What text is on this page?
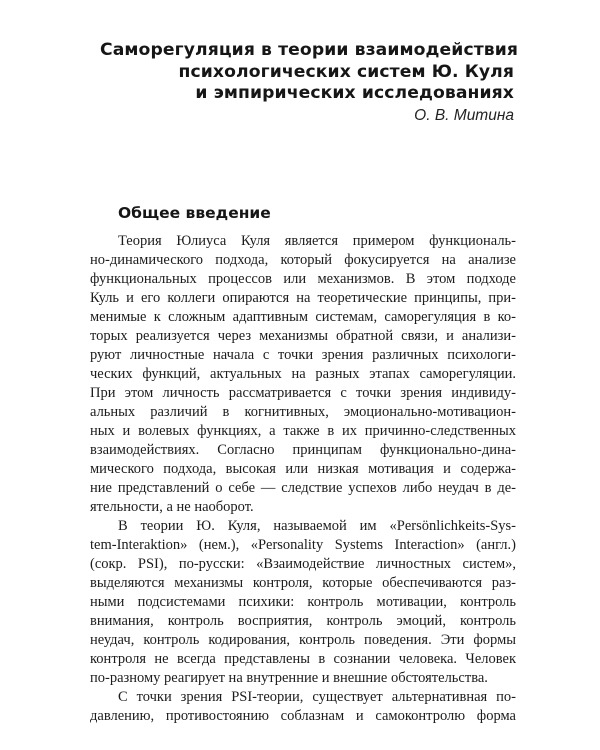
Саморегуляция в теории взаимодействия
психологических систем Ю. Куля
и эмпирических исследованиях
О. В. Митина
Общее введение
Теория Юлиуса Куля является примером функциональ-
но-динамического подхода, который фокусируется на анализе
функциональных процессов или механизмов. В этом подходе
Куль и его коллеги опираются на теоретические принципы, при-
менимые к сложным адаптивным системам, саморегуляция в ко-
торых реализуется через механизмы обратной связи, и анализи-
руют личностные начала с точки зрения различных психологи-
ческих функций, актуальных на разных этапах саморегуляции.
При этом личность рассматривается с точки зрения индивиду-
альных различий в когнитивных, эмоционально-мотивацион-
ных и волевых функциях, а также в их причинно-следственных
взаимодействиях. Согласно принципам функционально-дина-
мического подхода, высокая или низкая мотивация и содержа-
ние представлений о себе — следствие успехов либо неудач в де-
ятельности, а не наоборот.
В теории Ю. Куля, называемой им «Persönlichkeits-Sys-
tem-Interaktion» (нем.), «Personality Systems Interaction» (англ.)
(сокр. PSI), по-русски: «Взаимодействие личностных систем»,
выделяются механизмы контроля, которые обеспечиваются раз-
ными подсистемами психики: контроль мотивации, контроль
внимания, контроль восприятия, контроль эмоций, контроль
неудач, контроль кодирования, контроль поведения. Эти формы
контроля не всегда представлены в сознании человека. Человек
по-разному реагирует на внутренние и внешние обстоятельства.
С точки зрения PSI-теории, существует альтернативная по-
давлению, противостоянию соблазнам и самоконтролю форма
